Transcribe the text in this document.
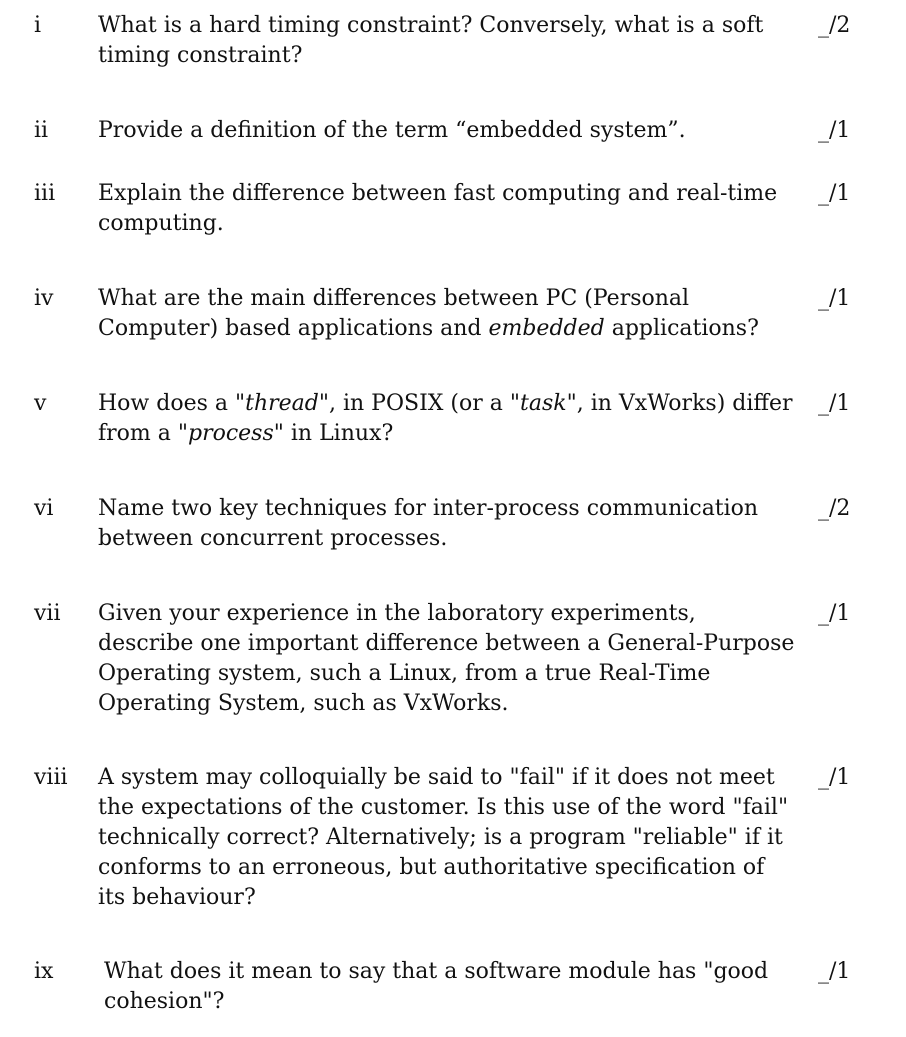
i	What is a hard timing constraint? Conversely, what is a soft timing constraint?
_/2
ii Provide a definition of the term “embedded system”.	_/1
iii Explain the difference between fast computing and real-time computing.
_/1
iv What are the main differences between PC (Personal Computer) based applications and embedded applications?
_/1
v How does a "thread", in POSIX (or a "task", in VxWorks) differ from a "process" in Linux?
_/1
vi Name two key techniques for inter-process communication between concurrent processes.
_/2
vii Given your experience in the laboratory experiments, describe one important difference between a General-Purpose Operating system, such a Linux, from a true Real-Time Operating System, such as VxWorks.
_/1
viii A system may colloquially be said to "fail" if it does not meet the expectations of the customer. Is this use of the word "fail" technically correct? Alternatively; is a program "reliable" if it conforms to an erroneous, but authoritative specification of its behaviour?
_/1
ix What does it mean to say that a software module has "good cohesion"?
_/1
